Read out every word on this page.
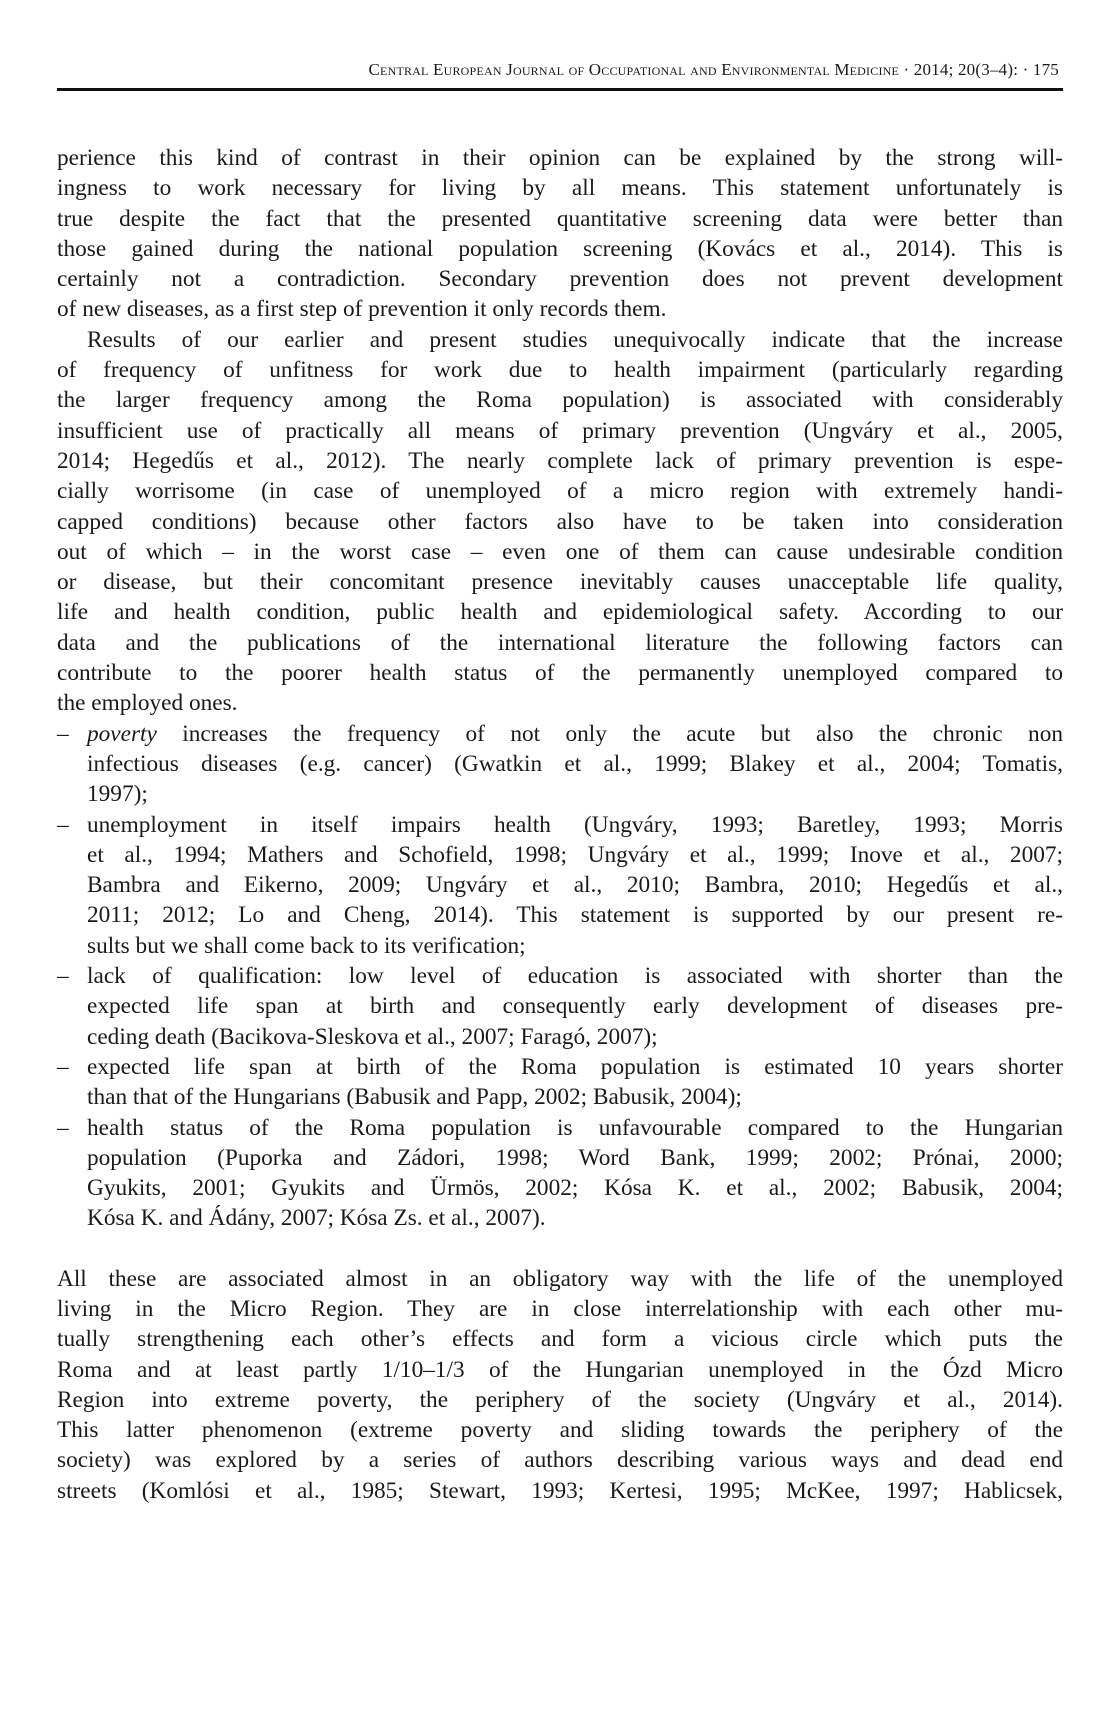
Central European Journal of Occupational and Environmental Medicine · 2014; 20(3–4): · 175
perience this kind of contrast in their opinion can be explained by the strong will-
ingness to work necessary for living by all means. This statement unfortunately is
true despite the fact that the presented quantitative screening data were better than
those gained during the national population screening (Kovács et al., 2014). This is
certainly not a contradiction. Secondary prevention does not prevent development
of new diseases, as a first step of prevention it only records them.
Results of our earlier and present studies unequivocally indicate that the increase
of frequency of unfitness for work due to health impairment (particularly regarding
the larger frequency among the Roma population) is associated with considerably
insufficient use of practically all means of primary prevention (Ungváry et al., 2005,
2014; Hegedűs et al., 2012). The nearly complete lack of primary prevention is espe-
cially worrisome (in case of unemployed of a micro region with extremely handi-
capped conditions) because other factors also have to be taken into consideration
out of which – in the worst case – even one of them can cause undesirable condition
or disease, but their concomitant presence inevitably causes unacceptable life quality,
life and health condition, public health and epidemiological safety. According to our
data and the publications of the international literature the following factors can
contribute to the poorer health status of the permanently unemployed compared to
the employed ones.
– poverty increases the frequency of not only the acute but also the chronic non
infectious diseases (e.g. cancer) (Gwatkin et al., 1999; Blakey et al., 2004; Tomatis,
1997);
– unemployment in itself impairs health (Ungváry, 1993; Baretley, 1993; Morris
et al., 1994; Mathers and Schofield, 1998; Ungváry et al., 1999; Inove et al., 2007;
Bambra and Eikerno, 2009; Ungváry et al., 2010; Bambra, 2010; Hegedűs et al.,
2011; 2012; Lo and Cheng, 2014). This statement is supported by our present re-
sults but we shall come back to its verification;
– lack of qualification: low level of education is associated with shorter than the
expected life span at birth and consequently early development of diseases pre-
ceding death (Bacikova-Sleskova et al., 2007; Faragó, 2007);
– expected life span at birth of the Roma population is estimated 10 years shorter
than that of the Hungarians (Babusik and Papp, 2002; Babusik, 2004);
– health status of the Roma population is unfavourable compared to the Hungarian
population (Puporka and Zádori, 1998; Word Bank, 1999; 2002; Prónai, 2000;
Gyukits, 2001; Gyukits and Ürmös, 2002; Kósa K. et al., 2002; Babusik, 2004;
Kósa K. and Ádány, 2007; Kósa Zs. et al., 2007).
All these are associated almost in an obligatory way with the life of the unemployed
living in the Micro Region. They are in close interrelationship with each other mu-
tually strengthening each other’s effects and form a vicious circle which puts the
Roma and at least partly 1/10–1/3 of the Hungarian unemployed in the Ózd Micro
Region into extreme poverty, the periphery of the society (Ungváry et al., 2014).
This latter phenomenon (extreme poverty and sliding towards the periphery of the
society) was explored by a series of authors describing various ways and dead end
streets (Komlósi et al., 1985; Stewart, 1993; Kertesi, 1995; McKee, 1997; Hablicsek,
